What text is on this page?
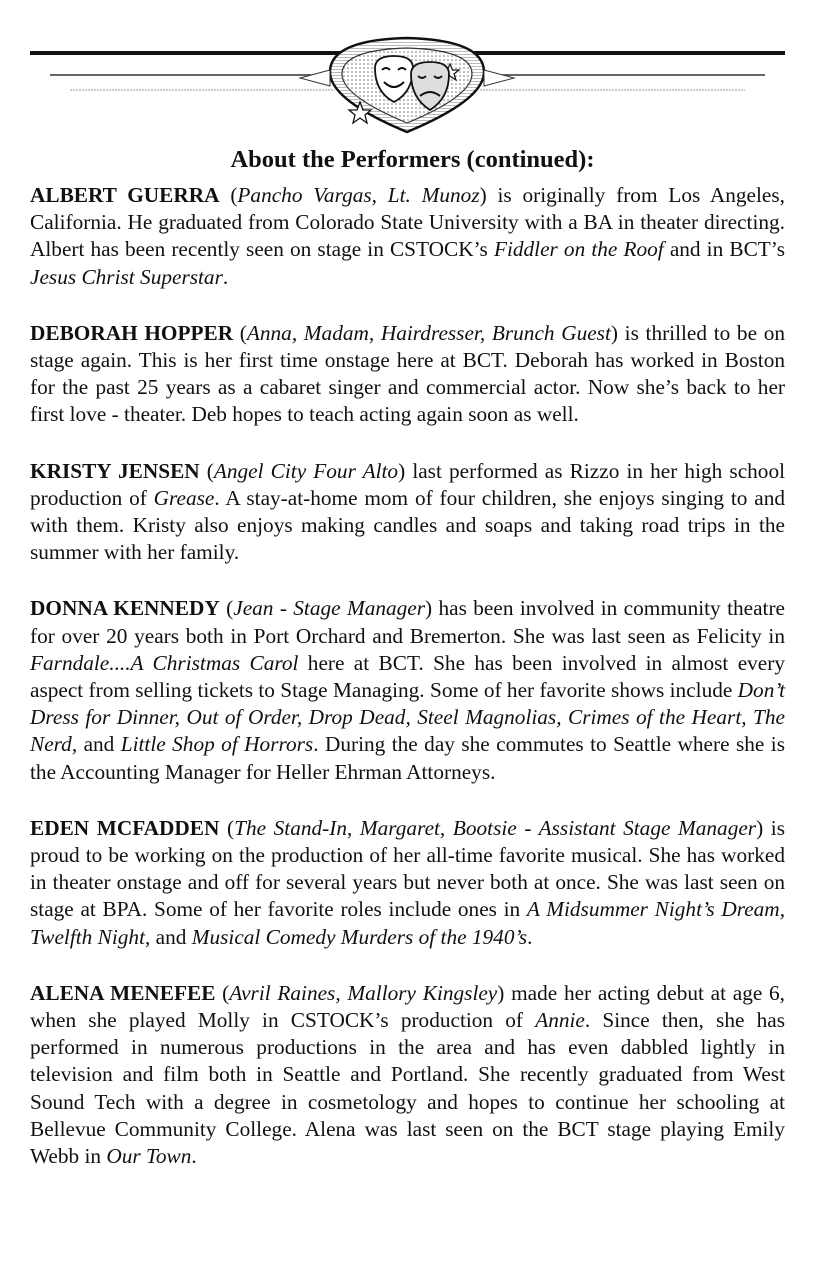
About the Performers (continued):

ALBERT GUERRA (Pancho Vargas, Lt. Munoz) is originally from Los Angeles, California. He graduated from Colorado State University with a BA in theater directing. Albert has been recently seen on stage in CSTOCK’s Fiddler on the Roof and in BCT’s Jesus Christ Superstar.

DEBORAH HOPPER (Anna, Madam, Hairdresser, Brunch Guest) is thrilled to be on stage again. This is her first time onstage here at BCT. Deborah has worked in Boston for the past 25 years as a cabaret singer and commercial actor. Now she’s back to her first love - theater. Deb hopes to teach acting again soon as well.

KRISTY JENSEN (Angel City Four Alto) last performed as Rizzo in her high school production of Grease. A stay-at-home mom of four children, she enjoys singing to and with them. Kristy also enjoys making candles and soaps and taking road trips in the summer with her family.

DONNA KENNEDY (Jean - Stage Manager) has been involved in community theatre for over 20 years both in Port Orchard and Bremerton. She was last seen as Felicity in Farndale....A Christmas Carol here at BCT. She has been involved in almost every aspect from selling tickets to Stage Managing. Some of her favorite shows include Don’t Dress for Dinner, Out of Order, Drop Dead, Steel Magnolias, Crimes of the Heart, The Nerd, and Little Shop of Horrors. During the day she commutes to Seattle where she is the Accounting Manager for Heller Ehrman Attorneys.

EDEN MCFADDEN (The Stand-In, Margaret, Bootsie - Assistant Stage Manager) is proud to be working on the production of her all-time favorite musical. She has worked in theater onstage and off for several years but never both at once. She was last seen on stage at BPA. Some of her favorite roles include ones in A Midsummer Night’s Dream, Twelfth Night, and Musical Comedy Murders of the 1940’s.

ALENA MENEFEE (Avril Raines, Mallory Kingsley) made her acting debut at age 6, when she played Molly in CSTOCK’s production of Annie. Since then, she has performed in numerous productions in the area and has even dabbled lightly in television and film both in Seattle and Portland. She recently graduated from West Sound Tech with a degree in cosmetology and hopes to continue her schooling at Bellevue Community College. Alena was last seen on the BCT stage playing Emily Webb in Our Town.
